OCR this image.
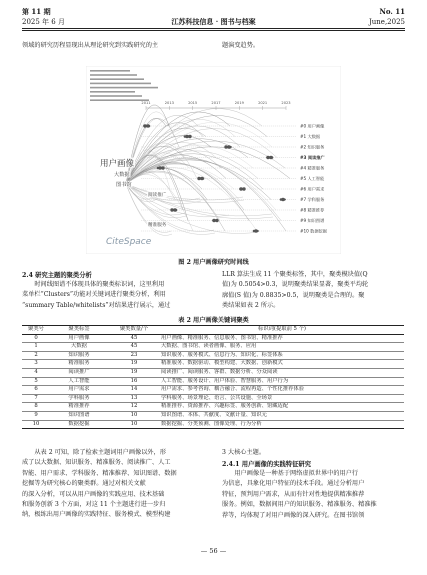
第 11 期
2025 年 6 月	江苏科技信息 · 图书与档案
No. 11
June,2025
领域的研究历程显现出从理论研究到实践研究的主	题演变趋势。
2011	2013	2015	2017	2019	2021	2023
#0 用户画像
#1 大数据
#2 知识服务
#3 阅读推广
#4 精准服务
#5 人工智能
#6 用户需求
#7 学科服务
#8 精准推荐
#9 知识图谱
#10 数据挖掘
用户画像
大数据
图书馆
阅读推广
精准服务
CiteSpace
图 2 用户画像研究时间线
2.4 研究主题的聚类分析
　　时间线图谱不体现具体的聚类标识词，这里利用
菜单栏“Clusters”功能对关键词进行聚类分析，利用
“summary Table/whitelists”对结果进行展示，通过
LLR 算法生成 11 个聚类标签，其中，聚类模块值(Q
值)为 0.5054>0.3，说明聚类结果显著，聚类平均轮
廓值(S 值)为 0.8835>0.5，说明聚类是合理的。聚
类结果如表 2 所示。
表 2 用户画像关键词聚类
聚类号	聚类标签	聚类数量/个	标识词(提取前 5 个)
0	用户画像	45	用户画像、精准服务、信息服务、图书馆、精准推荐
1	大数据	45	大数据、图书馆、读者画像、服务、应用
2	知识服务	23	知识服务、服务模式、信息行为、知识化、标签体系
3	精准服务	19	精准服务、数据驱动、模型构建、大数据、创新模式
4	阅读推广	19	阅读推广、阅读服务、客群、数据分析、分众阅读
5	人工智能	16	人工智能、服务设计、用户体验、智慧服务、用户行为
6	用户需求	14	用户需求、参考咨询、耦合融合、流程再造、个性化推荐体验
7	学科服务	13	学科服务、场景理论、语言、公共设施、全场景
8	精准推荐	12	精准推荐、资源推荐、兴趣标签、服务创新、馆藏适配
9	知识图谱	10	知识图谱、本体、共献度、文献计量、知识元
10	数据挖掘	10	数据挖掘、分类预测、图像处理、行为分析
　　从表 2 可知，除了检索主题词用户画像以外，形
成了以大数据、知识服务、精准服务、阅读推广、人工
智能、用户需求、学科服务、精准推荐、知识图谱、数据
挖掘等为研究核心的聚类群。通过对相关文献
的深入分析，可以从用户画像的实践应用、技术基础
和服务创新 3 个方面，对这 11 个主题进行进一步归
纳，极练出用户画像的实践特征、服务模式、模型构建
3 大核心主题。
2.4.1 用户画像的实践特征研究
　　用户画像是一种基于网络虚拟世界中的用户行
为信息，具象化用户特征的技术手段。通过分析用户
特征，预判用户需求，从而有针对性地提供精准推荐
服务。例如，数据间用户的知识服务、精准服务、精准推
荐等，均体现了对用户画像的深入研究。在图书馆领
— 56 —
